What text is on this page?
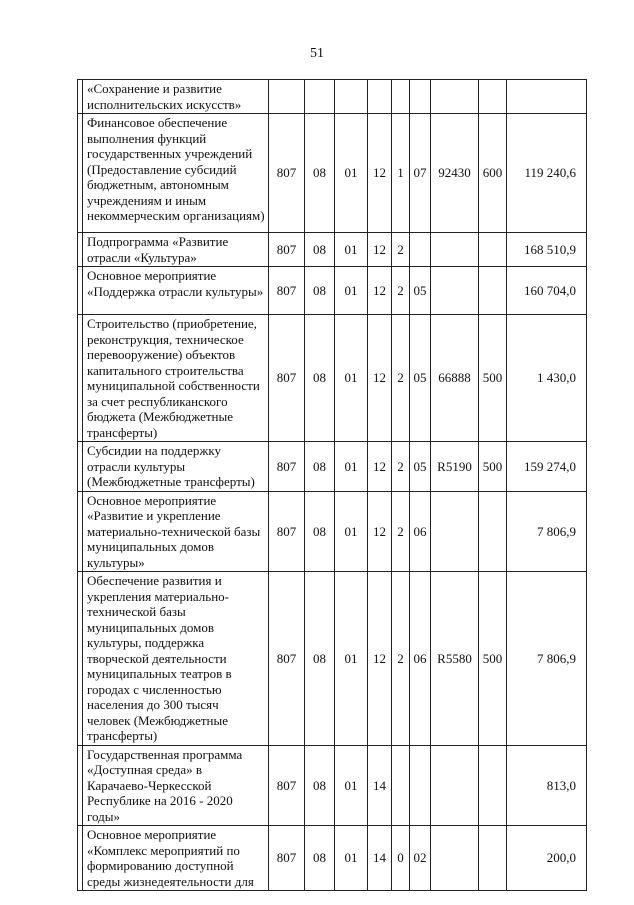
51
	«Сохранение и развитие исполнительских искусств»									
	Финансовое обеспечение выполнения функций государственных учреждений (Предоставление субсидий бюджетным, автономным учреждениям и иным некоммерческим организациям)	807	08	01	12	1	07	92430	600	119 240,6
	Подпрограмма «Развитие отрасли «Культура»	807	08	01	12	2				168 510,9
	Основное мероприятие «Поддержка отрасли культуры»	807	08	01	12	2	05			160 704,0
	Строительство (приобретение, реконструкция, техническое перевооружение) объектов капитального строительства муниципальной собственности за счет республиканского бюджета (Межбюджетные трансферты)	807	08	01	12	2	05	66888	500	1 430,0
	Субсидии на поддержку отрасли культуры (Межбюджетные трансферты)	807	08	01	12	2	05	R5190	500	159 274,0
	Основное мероприятие «Развитие и укрепление материально-технической базы муниципальных домов культуры»	807	08	01	12	2	06			7 806,9
	Обеспечение развития и укрепления материально-технической базы муниципальных домов культуры, поддержка творческой деятельности муниципальных театров в городах с численностью населения до 300 тысяч человек (Межбюджетные трансферты)	807	08	01	12	2	06	R5580	500	7 806,9
	Государственная программа «Доступная среда» в Карачаево-Черкесской Республике на 2016 - 2020 годы»	807	08	01	14					813,0
	Основное мероприятие «Комплекс мероприятий по формированию доступной среды жизнедеятельности для	807	08	01	14	0	02			200,0
